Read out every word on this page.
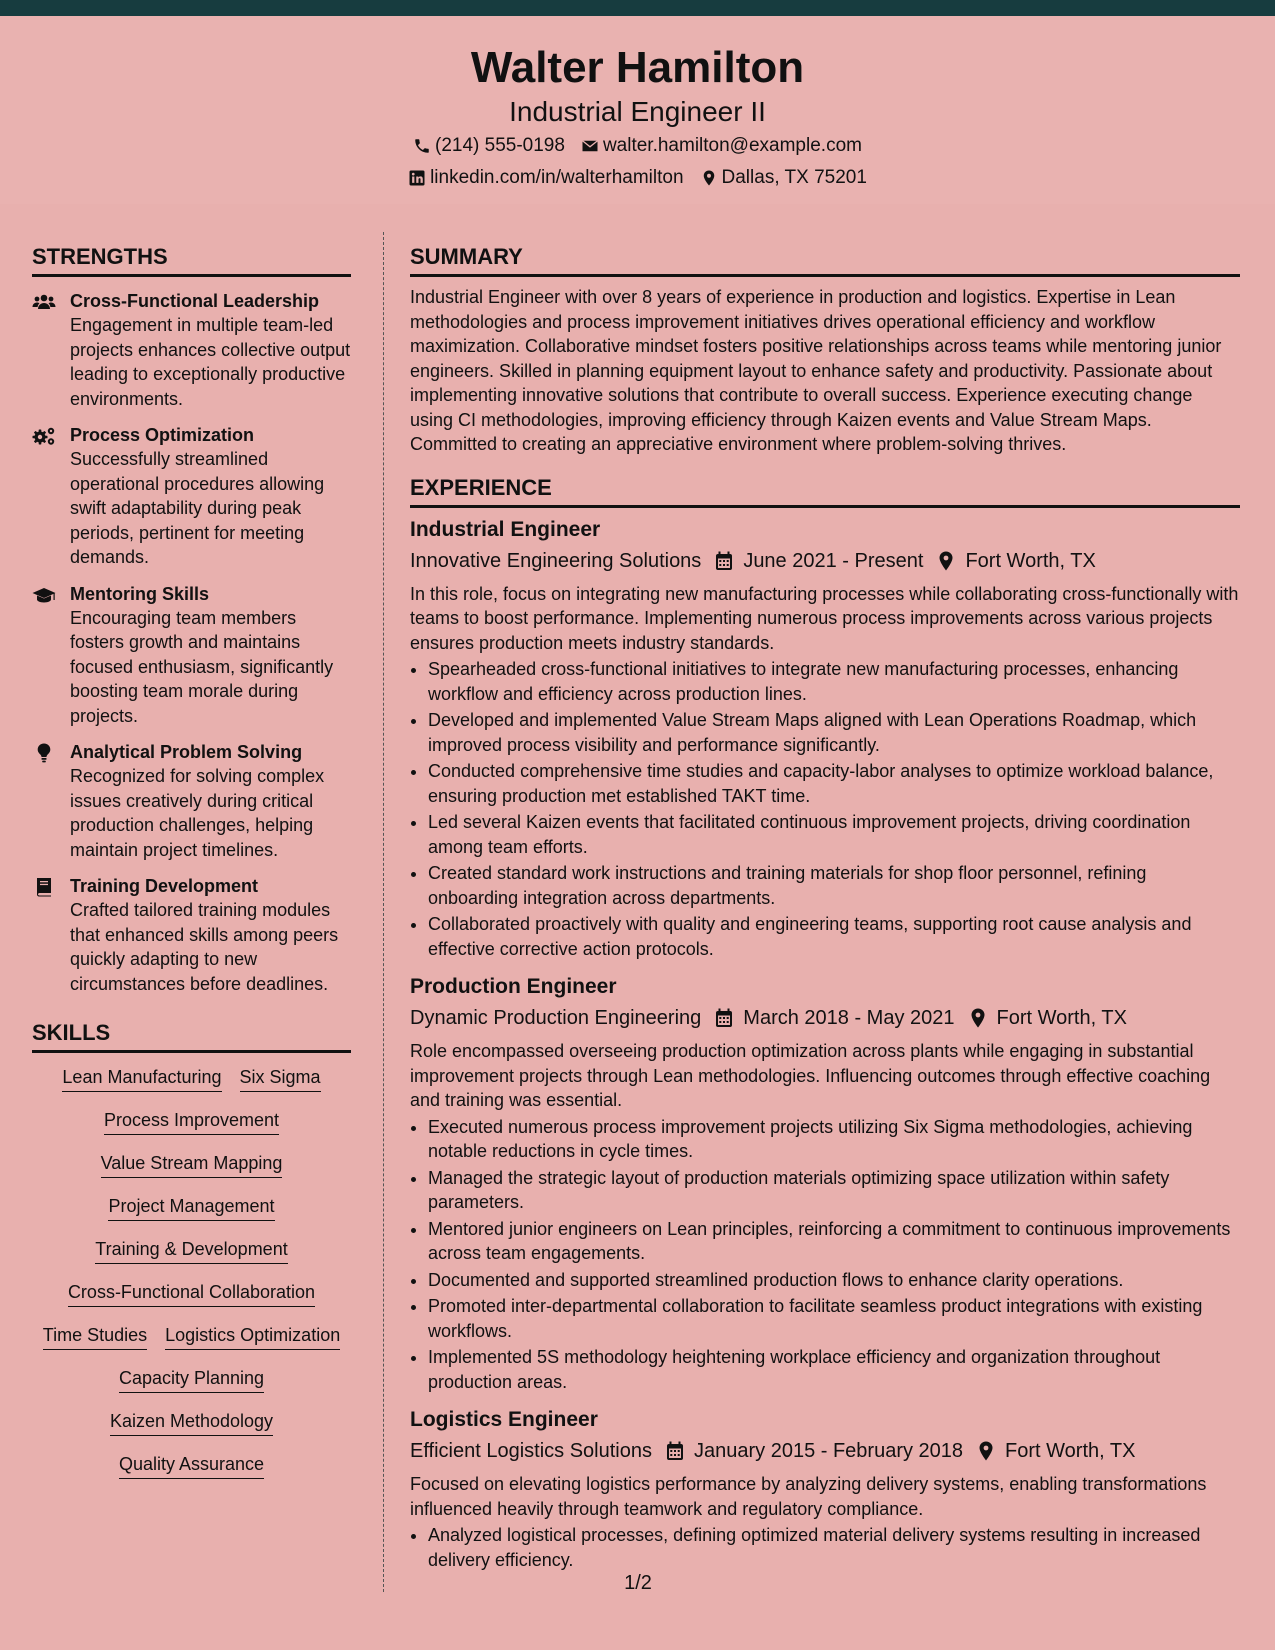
Walter Hamilton
Industrial Engineer II
(214) 555-0198 walter.hamilton@example.com
linkedin.com/in/walterhamilton Dallas, TX 75201
STRENGTHS
Cross-Functional Leadership
Engagement in multiple team-led projects enhances collective output leading to exceptionally productive environments.
Process Optimization
Successfully streamlined operational procedures allowing swift adaptability during peak periods, pertinent for meeting demands.
Mentoring Skills
Encouraging team members fosters growth and maintains focused enthusiasm, significantly boosting team morale during projects.
Analytical Problem Solving
Recognized for solving complex issues creatively during critical production challenges, helping maintain project timelines.
Training Development
Crafted tailored training modules that enhanced skills among peers quickly adapting to new circumstances before deadlines.
SKILLS
Lean Manufacturing Six Sigma
Process Improvement
Value Stream Mapping
Project Management
Training & Development
Cross-Functional Collaboration
Time Studies Logistics Optimization
Capacity Planning
Kaizen Methodology
Quality Assurance
SUMMARY
Industrial Engineer with over 8 years of experience in production and logistics. Expertise in Lean methodologies and process improvement initiatives drives operational efficiency and workflow maximization. Collaborative mindset fosters positive relationships across teams while mentoring junior engineers. Skilled in planning equipment layout to enhance safety and productivity. Passionate about implementing innovative solutions that contribute to overall success. Experience executing change using CI methodologies, improving efficiency through Kaizen events and Value Stream Maps. Committed to creating an appreciative environment where problem-solving thrives.
EXPERIENCE
Industrial Engineer
Innovative Engineering Solutions June 2021 - Present Fort Worth, TX
In this role, focus on integrating new manufacturing processes while collaborating cross-functionally with teams to boost performance. Implementing numerous process improvements across various projects ensures production meets industry standards.
• Spearheaded cross-functional initiatives to integrate new manufacturing processes, enhancing workflow and efficiency across production lines.
• Developed and implemented Value Stream Maps aligned with Lean Operations Roadmap, which improved process visibility and performance significantly.
• Conducted comprehensive time studies and capacity-labor analyses to optimize workload balance, ensuring production met established TAKT time.
• Led several Kaizen events that facilitated continuous improvement projects, driving coordination among team efforts.
• Created standard work instructions and training materials for shop floor personnel, refining onboarding integration across departments.
• Collaborated proactively with quality and engineering teams, supporting root cause analysis and effective corrective action protocols.
Production Engineer
Dynamic Production Engineering March 2018 - May 2021 Fort Worth, TX
Role encompassed overseeing production optimization across plants while engaging in substantial improvement projects through Lean methodologies. Influencing outcomes through effective coaching and training was essential.
• Executed numerous process improvement projects utilizing Six Sigma methodologies, achieving notable reductions in cycle times.
• Managed the strategic layout of production materials optimizing space utilization within safety parameters.
• Mentored junior engineers on Lean principles, reinforcing a commitment to continuous improvements across team engagements.
• Documented and supported streamlined production flows to enhance clarity operations.
• Promoted inter-departmental collaboration to facilitate seamless product integrations with existing workflows.
• Implemented 5S methodology heightening workplace efficiency and organization throughout production areas.
Logistics Engineer
Efficient Logistics Solutions January 2015 - February 2018 Fort Worth, TX
Focused on elevating logistics performance by analyzing delivery systems, enabling transformations influenced heavily through teamwork and regulatory compliance.
• Analyzed logistical processes, defining optimized material delivery systems resulting in increased delivery efficiency.
1/2
